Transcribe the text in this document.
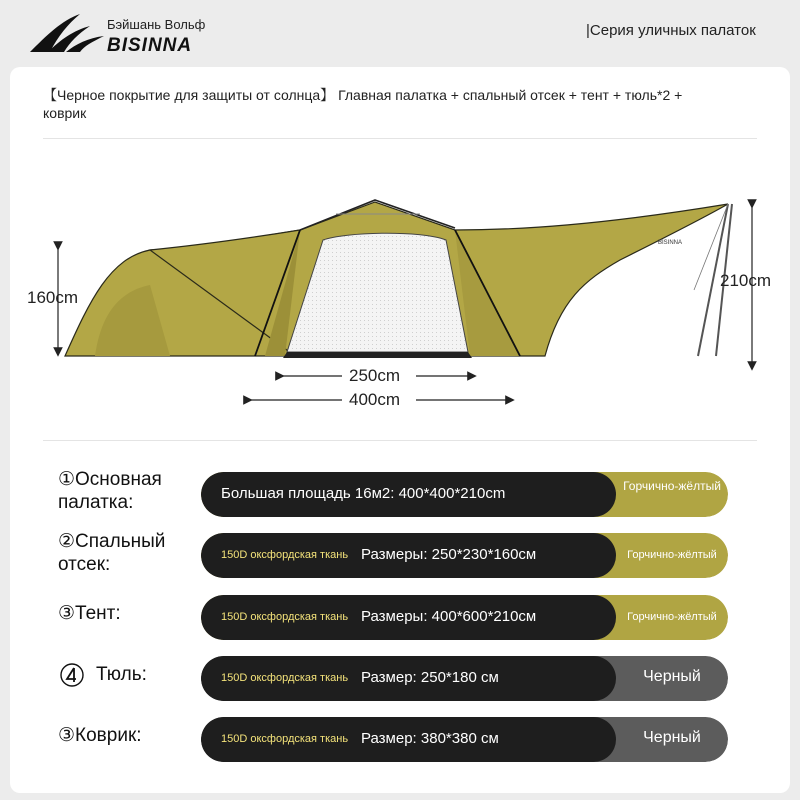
Бэйшань Вольф
BISINNA
|Серия уличных палаток
【Черное покрытие для защиты от солнца】 Главная палатка + спальный отсек + тент + тюль*2 + коврик
BISINNA
160cm
210cm
250cm
400cm
①Основная
палатка:	Большая площадь 16м2: 400*400*210cm	Горчично-жёлтый
②Спальный
отсек:	150D оксфордская ткань Размеры: 250*230*160см	Горчично-жёлтый
③Тент:	150D оксфордская ткань Размеры: 400*600*210см	Горчично-жёлтый
Тюль:	150D оксфордская ткань Размер: 250*180 см	Черный
③Коврик:	150D оксфордская ткань Размер: 380*380 см	Черный
